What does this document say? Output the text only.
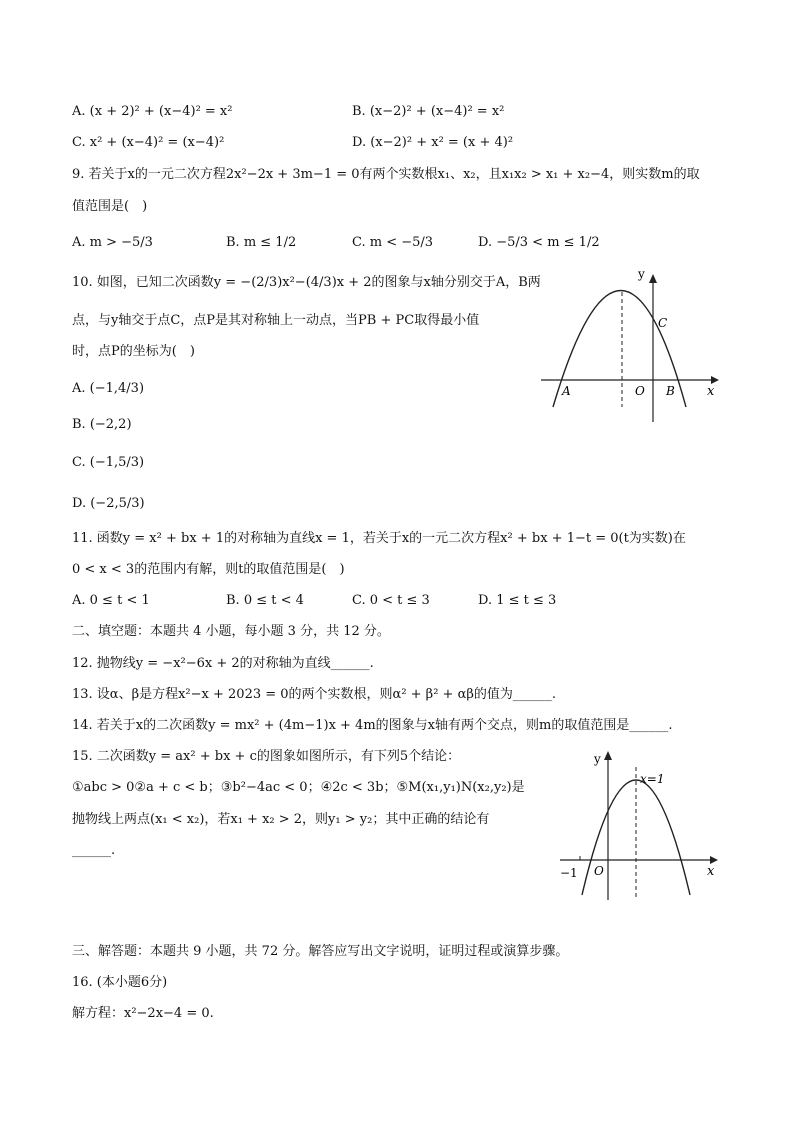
A. (x + 2)² + (x−4)² = x²	B. (x−2)² + (x−4)² = x²
C. x² + (x−4)² = (x−4)²	D. (x−2)² + x² = (x + 4)²
9. 若关于x的一元二次方程2x²−2x + 3m−1 = 0有两个实数根x₁、x₂，且x₁x₂ > x₁ + x₂−4，则实数m的取
值范围是(　)
A. m > −5/3	B. m ≤ 1/2	C. m < −5/3	D. −5/3 < m ≤ 1/2
10. 如图，已知二次函数y = −(2/3)x²−(4/3)x + 2的图象与x轴分别交于A，B两
点，与y轴交于点C，点P是其对称轴上一动点，当PB + PC取得最小值
时，点P的坐标为(　)
A. (−1,4/3)
B. (−2,2)
C. (−1,5/3)
D. (−2,5/3)
y
x
A	O B
C
11. 函数y = x² + bx + 1的对称轴为直线x = 1，若关于x的一元二次方程x² + bx + 1−t = 0(t为实数)在
0 < x < 3的范围内有解，则t的取值范围是(　)
A. 0 ≤ t < 1	B. 0 ≤ t < 4	C. 0 < t ≤ 3	D. 1 ≤ t ≤ 3
二、填空题：本题共 4 小题，每小题 3 分，共 12 分。
12. 抛物线y = −x²−6x + 2的对称轴为直线______.
13. 设α、β是方程x²−x + 2023 = 0的两个实数根，则α² + β² + αβ的值为______.
14. 若关于x的二次函数y = mx² + (4m−1)x + 4m的图象与x轴有两个交点，则m的取值范围是______.
15. 二次函数y = ax² + bx + c的图象如图所示，有下列5个结论：
①abc > 0②a + c < b；③b²−4ac < 0；④2c < 3b；⑤M(x₁,y₁)N(x₂,y₂)是
抛物线上两点(x₁ < x₂)，若x₁ + x₂ > 2，则y₁ > y₂；其中正确的结论有
______.
y
x
x=1
−1 O
三、解答题：本题共 9 小题，共 72 分。解答应写出文字说明，证明过程或演算步骤。
16. (本小题6分)
解方程：x²−2x−4 = 0.
